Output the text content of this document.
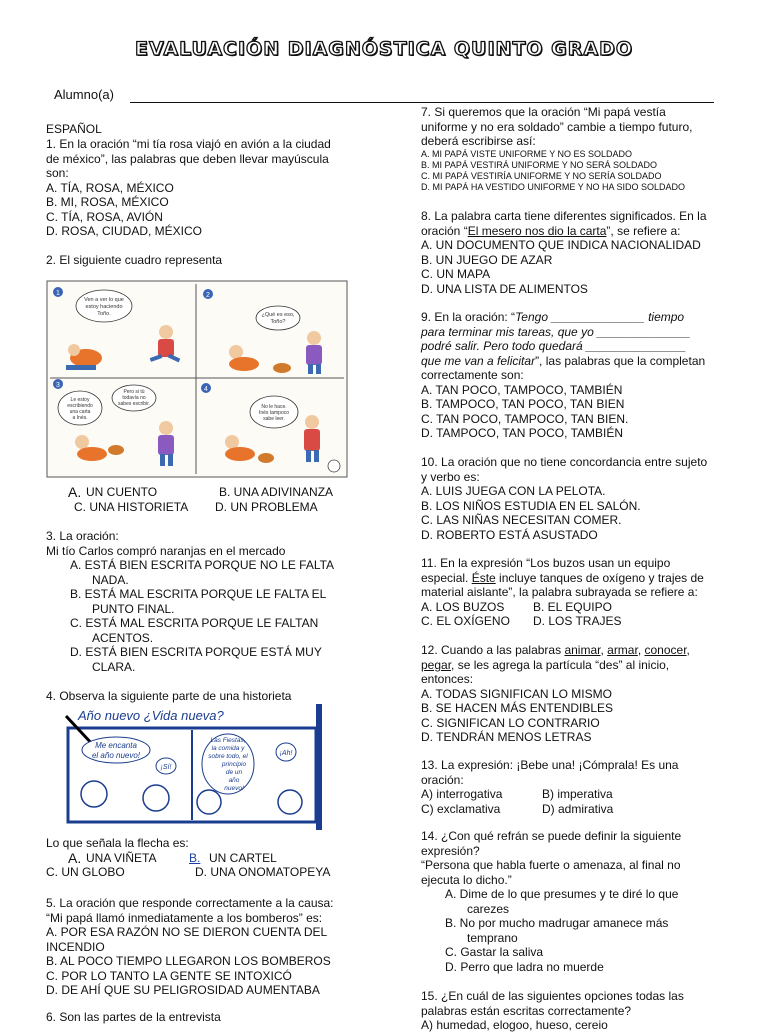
EVALUACIÓN DIAGNÓSTICA QUINTO GRADO
Alumno(a)

ESPAÑOL

1. En la oración “mi tía rosa viajó en avión a la ciudad

de méxico”, las palabras que deben llevar mayúscula

son:

A. TÍA, ROSA, MÉXICO

B. MI, ROSA, MÉXICO

C. TÍA, ROSA, AVIÓN

D. ROSA, CIUDAD, MÉXICO

2. El siguiente cuadro representa

1	2
3
4
Ven a ver lo que estoy haciendo Toño.	¿Qué es eso, Toño?
Le estoy escribiendo una carta a Inés.
Pero si tú todavía no sabes escribir.	No le hace. Inés tampoco sabe leer.
A. UN CUENTO	B. UNA ADIVINANZA
C. UNA HISTORIETA	D. UN PROBLEMA

3. La oración:

Mi tío Carlos compró naranjas en el mercado

A. ESTÁ BIEN ESCRITA PORQUE NO LE FALTA NADA.

B. ESTÁ MAL ESCRITA PORQUE LE FALTA EL PUNTO FINAL.

C. ESTÁ MAL ESCRITA PORQUE LE FALTAN ACENTOS.

D. ESTÁ BIEN ESCRITA PORQUE ESTÁ MUY CLARA.

4. Observa la siguiente parte de una historieta

Año nuevo ¿Vida nueva?
Me encanta el año nuevo!
¡Sí!
Las Fiestas, la comida y sobre todo, el principio de un año nuevo!
¡Ah!

Lo que señala la flecha es:

A. UNA VIÑETA	B. UN CARTEL
C. UN GLOBO	D. UNA ONOMATOPEYA

5. La oración que responde correctamente a la causa:

“Mi papá llamó inmediatamente a los bomberos” es:

A. POR ESA RAZÓN NO SE DIERON CUENTA DEL

INCENDIO

B. AL POCO TIEMPO LLEGARON LOS BOMBEROS

C. POR LO TANTO LA GENTE SE INTOXICÓ

D. DE AHÍ QUE SU PELIGROSIDAD AUMENTABA

6. Son las partes de la entrevista

7. Si queremos que la oración “Mi papá vestía

uniforme y no era soldado” cambie a tiempo futuro,

deberá escribirse así:

A. MI PAPÁ VISTE UNIFORME Y NO ES SOLDADO

B. MI PAPÁ VESTIRÁ UNIFORME Y NO SERÁ SOLDADO

C. MI PAPÁ VESTIRÍA UNIFORME Y NO SERÍA SOLDADO

D. MI PAPÁ HA VESTIDO UNIFORME Y NO HA SIDO SOLDADO

8. La palabra carta tiene diferentes significados. En la

oración “El mesero nos dio la carta”, se refiere a:

A. UN DOCUMENTO QUE INDICA NACIONALIDAD

B. UN JUEGO DE AZAR

C. UN MAPA

D. UNA LISTA DE ALIMENTOS

9. En la oración: “Tengo ______________ tiempo

para terminar mis tareas, que yo ______________

podré salir. Pero todo quedará _______________

que me van a felicitar”, las palabras que la completan

correctamente son:

A. TAN POCO, TAMPOCO, TAMBIÉN

B. TAMPOCO, TAN POCO, TAN BIEN

C. TAN POCO, TAMPOCO, TAN BIEN.

D. TAMPOCO, TAN POCO, TAMBIÉN

10. La oración que no tiene concordancia entre sujeto

y verbo es:

A. LUIS JUEGA CON LA PELOTA.

B. LOS NIÑOS ESTUDIA EN EL SALÓN.

C. LAS NIÑAS NECESITAN COMER.

D. ROBERTO ESTÁ ASUSTADO

11. En la expresión “Los buzos usan un equipo

especial. Éste incluye tanques de oxígeno y trajes de

material aislante”, la palabra subrayada se refiere a:

A. LOS BUZOS	B. EL EQUIPO
C. EL OXÍGENO	D. LOS TRAJES

12. Cuando a las palabras animar, armar, conocer,

pegar, se les agrega la partícula “des” al inicio,

entonces:

A. TODAS SIGNIFICAN LO MISMO

B. SE HACEN MÁS ENTENDIBLES

C. SIGNIFICAN LO CONTRARIO

D. TENDRÁN MENOS LETRAS

13. La expresión: ¡Bebe una! ¡Cómprala! Es una

oración:

A) interrogativa	B) imperativa
C) exclamativa	D) admirativa

14. ¿Con qué refrán se puede definir la siguiente

expresión?

“Persona que habla fuerte o amenaza, al final no

ejecuta lo dicho.”

A. Dime de lo que presumes y te diré lo que carezes

B. No por mucho madrugar amanece más temprano

C. Gastar la saliva

D. Perro que ladra no muerde

15. ¿En cuál de las siguientes opciones todas las

palabras están escritas correctamente?

A) humedad, elogoo, hueso, cereio
